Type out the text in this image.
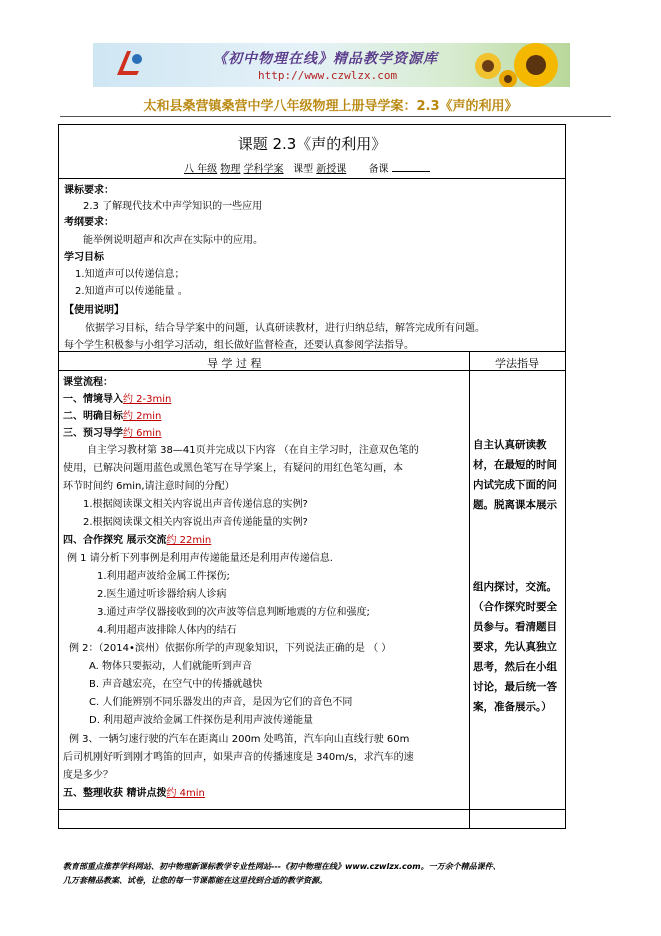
《初中物理在线》精品教学资源库
http://www.czwlzx.com
太和县桑营镇桑营中学八年级物理上册导学案：2.3《声的利用》
课题 2.3《声的利用》
八 年级 物理 学科学案 课型 新授课 备课
课标要求：
2.3 了解现代技术中声学知识的一些应用
考纲要求：
能举例说明超声和次声在实际中的应用。
学习目标
1.知道声可以传递信息；
2.知道声可以传递能量 。
【使用说明】
依据学习目标，结合导学案中的问题，认真研读教材，进行归纳总结，解答完成所有问题。
每个学生积极参与小组学习活动，组长做好监督检查，还要认真参阅学法指导。
导 学 过 程	学法指导
课堂流程：
一、情境导入约 2-3min
二、明确目标约 2min
三、预习导学约 6min
自主学习教材第 38—41页并完成以下内容 （在自主学习时，注意双色笔的
使用，已解决问题用蓝色或黑色笔写在导学案上，有疑问的用红色笔勾画，本
环节时间约 6min,请注意时间的分配）
1.根据阅读课文相关内容说出声音传递信息的实例?
2.根据阅读课文相关内容说出声音传递能量的实例?
四、合作探究 展示交流约 22min
例 1 请分析下列事例是利用声传递能量还是利用声传递信息.
1.利用超声波给金属工件探伤;
2.医生通过听诊器给病人诊病
3.通过声学仪器接收到的次声波等信息判断地震的方位和强度;
4.利用超声波排除人体内的结石
例 2：（2014•滨州）依据你所学的声现象知识，下列说法正确的是 （ ）
A. 物体只要振动，人们就能听到声音
B. 声音越宏亮，在空气中的传播就越快
C. 人们能辨别不同乐器发出的声音，是因为它们的音色不同
D. 利用超声波给金属工件探伤是利用声波传递能量
例 3、一辆匀速行驶的汽车在距离山 200m 处鸣笛，汽车向山直线行驶 60m
后司机刚好听到刚才鸣笛的回声，如果声音的传播速度是 340m/s，求汽车的速
度是多少？
五、整理收获 精讲点拨约 4min
自主认真研读教材，在最短的时间内试完成下面的问题。脱离课本展示
组内探讨，交流。（合作探究时要全员参与。看清题目要求，先认真独立思考，然后在小组讨论，最后统一答案，准备展示。）
教育部重点推荐学科网站、初中物理新课标教学专业性网站---《初中物理在线》www.czwlzx.com。一万余个精品课件、
几万套精品教案、试卷，让您的每一节课都能在这里找到合适的教学资源。
